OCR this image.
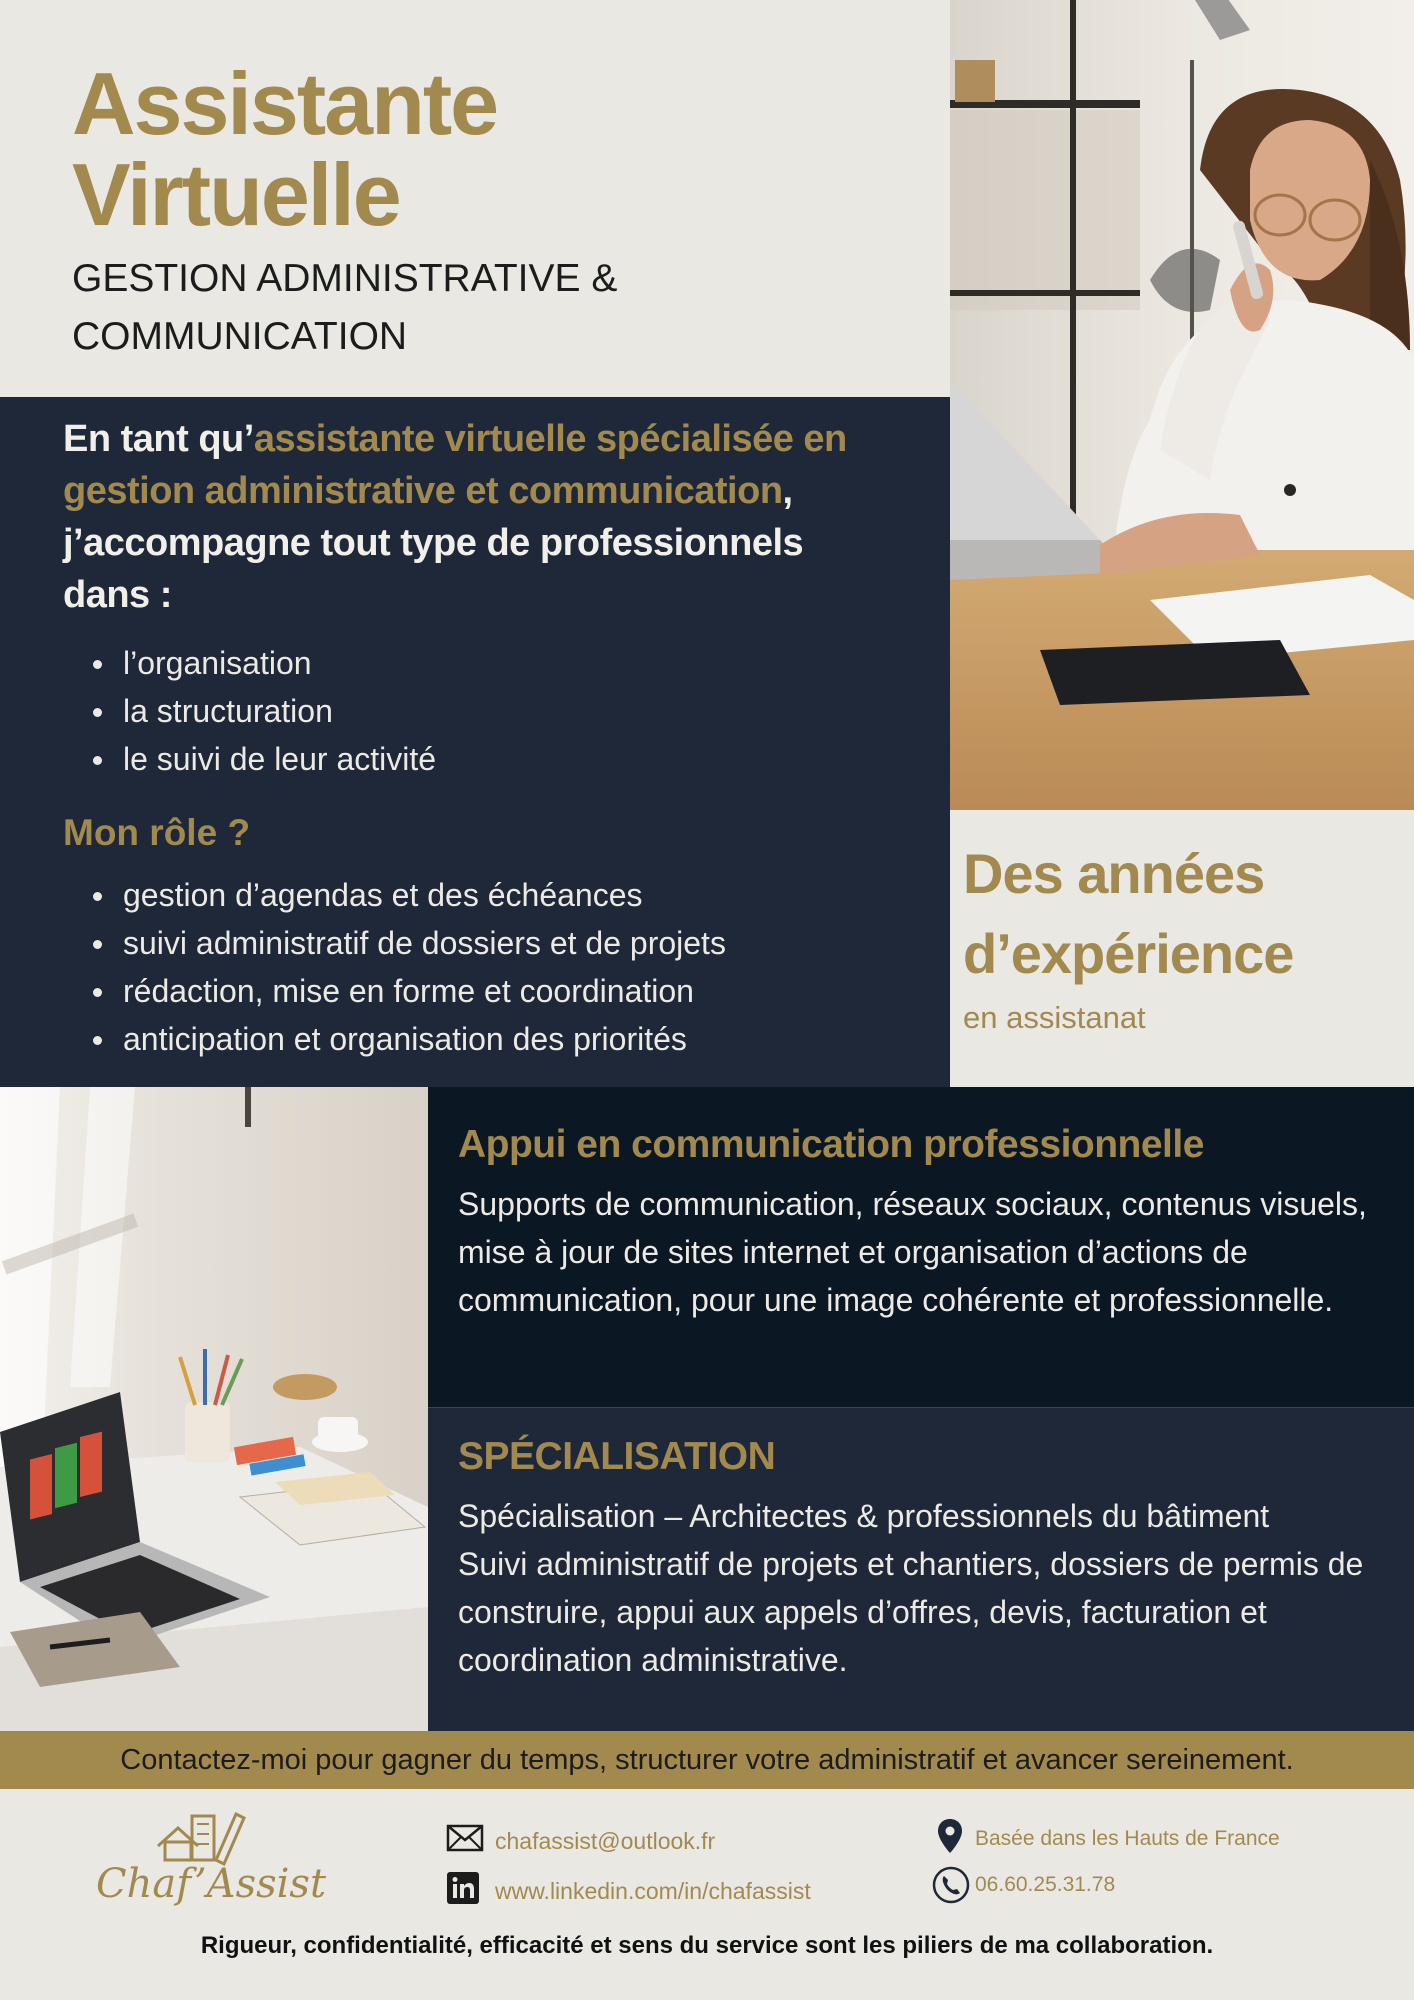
Assistante
Virtuelle
GESTION ADMINISTRATIVE &
COMMUNICATION

En tant qu’assistante virtuelle spécialisée en gestion administrative et communication, j’accompagne tout type de professionnels dans :

l’organisation
la structuration
le suivi de leur activité
Mon rôle ?
gestion d’agendas et des échéances
suivi administratif de dossiers et de projets
rédaction, mise en forme et coordination
anticipation et organisation des priorités
Des années
d’expérience
en assistanat
Appui en communication professionnelle

Supports de communication, réseaux sociaux, contenus visuels, mise à jour de sites internet et organisation d’actions de communication, pour une image cohérente et professionnelle.

SPÉCIALISATION
Spécialisation – Architectes & professionnels du bâtiment
Suivi administratif de projets et chantiers, dossiers de permis de construire, appui aux appels d’offres, devis, facturation et coordination administrative.

Contactez-moi pour gagner du temps, structurer votre administratif et avancer sereinement.

Chaf’Assist
chafassist@outlook.fr
www.linkedin.com/in/chafassist
Basée dans les Hauts de France
06.60.25.31.78

Rigueur, confidentialité, efficacité et sens du service sont les piliers de ma collaboration.
